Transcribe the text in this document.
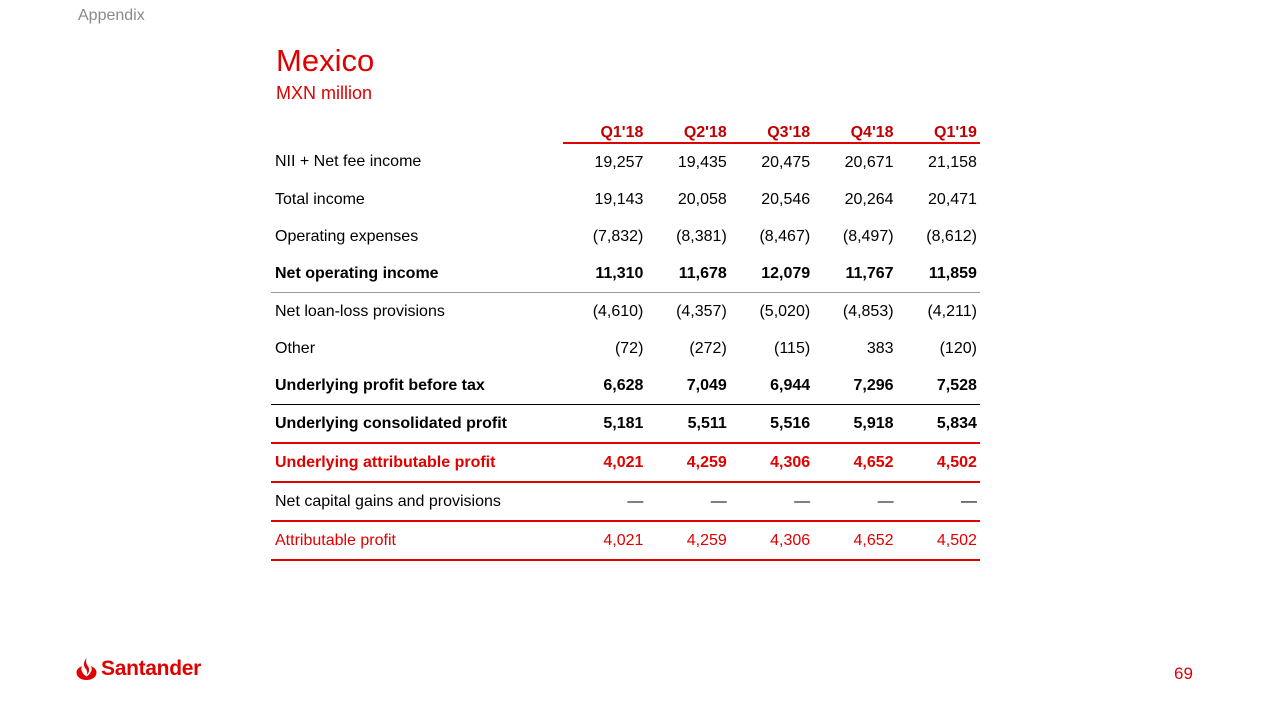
Appendix
Mexico
MXN million
	Q1'18	Q2'18	Q3'18	Q4'18	Q1'19
NII + Net fee income	19,257	19,435	20,475	20,671	21,158
Total income	19,143	20,058	20,546	20,264	20,471
Operating expenses	(7,832)	(8,381)	(8,467)	(8,497)	(8,612)
Net operating income	11,310	11,678	12,079	11,767	11,859
Net loan-loss provisions	(4,610)	(4,357)	(5,020)	(4,853)	(4,211)
Other	(72)	(272)	(115)	383	(120)
Underlying profit before tax	6,628	7,049	6,944	7,296	7,528
Underlying consolidated profit	5,181	5,511	5,516	5,918	5,834
Underlying attributable profit	4,021	4,259	4,306	4,652	4,502
Net capital gains and provisions	—	—	—	—	—
Attributable profit	4,021	4,259	4,306	4,652	4,502
Santander	69
